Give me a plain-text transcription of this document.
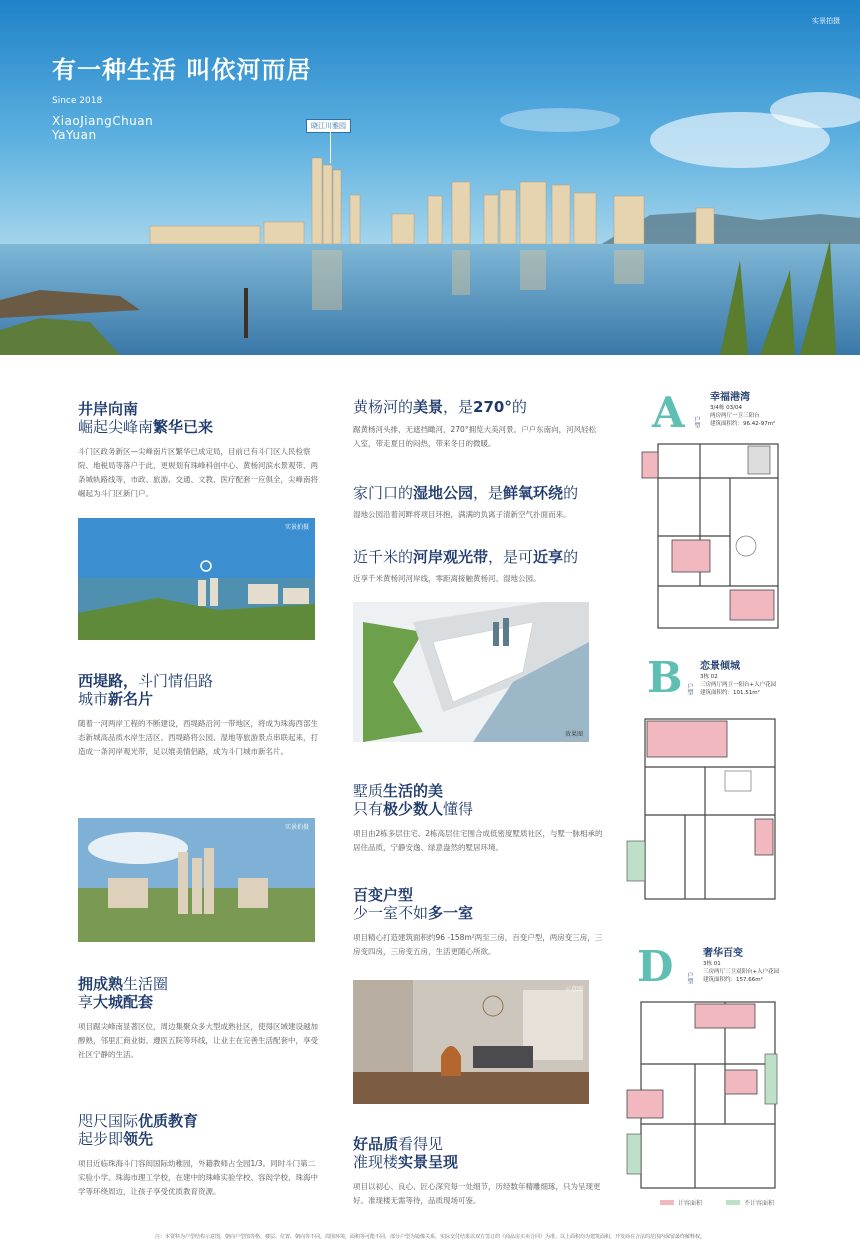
实景拍摄
有一种生活 叫依河而居
Since 2018
XiaoJiangChuan
YaYuan
晓江川雅园
井岸向南
崛起尖峰南繁华已来

斗门区政务新区—尖峰南片区繁华已成定局，目前已有斗门区人民检察院、地税局等落户于此，更规划有珠峰科创中心、黄杨河滨水景观带、两条城轨路线等，市政、旅游、交通、文教、医疗配套一应俱全，尖峰南将崛起为斗门区新门户。

实景拍摄
西堤路，斗门情侣路
城市新名片

随着一河两岸工程的不断建设，西堤路沿河一带地区，将成为珠海西部生态新城高品质水岸生活区。西堤路将公园、湿地等旅游景点串联起来，打造成一条河岸观光带，足以媲美情侣路，成为斗门城市新名片。

实景拍摄
拥成熟生活圈
享大城配套

项目踞尖峰南显著区位，周边集聚众多大型成熟社区，使得区域建设越加醇熟，邻里汇商业街、遵医五院等环线，让业主在完善生活配套中，享受社区宁静的生活。

咫尺国际优质教育
起步即领先

项目近临珠海斗门容闳国际幼稚园，外籍教师占全园1/3。同时斗门第二实验小学、珠海市理工学校，在建中的珠峰实验学校、容闳学校、珠海中学等环绕周边，让孩子享受优质教育资源。

黄杨河的美景，是270°的

踞黄杨河头排，无遮挡瞰河，270°拥览大美河景。户户东南向，河风轻松入室，带走夏日的闷热，带来冬日的微暖。

家门口的湿地公园，是鲜氧环绕的

湿地公园沿着河畔将项目环抱，满满的负离子清新空气扑面而来。

近千米的河岸观光带，是可近享的

近享千米黄杨河河岸线，零距离接触黄杨河、湿地公园。

效果图
墅质生活的美
只有极少数人懂得

项目由2栋多层住宅、2栋高层住宅围合成低密度墅质社区，与墅一脉相承的居住品质，宁静安逸、绿意盎然的墅居环境。

百变户型
少一室不如多一室

项目精心打造建筑面积约96 -158m²两至三房，百变户型，两房变三房，三房变四房，三房变五房，生活更随心所欲。

示意图
好品质看得见
准现楼实景呈现

项目以初心、良心、匠心深究每一处细节，历经数年精雕细琢，只为呈现更好。准现楼无需等待，品质现场可鉴。

A 户型
幸福港湾
3/4栋 03/04
两房两厅一卫三阳台
建筑面积约：96.42-97m²
B 户型
恋景倾城
3栋 02
三房两厅两卫一阳台+入户花园
建筑面积约：101.51m²
D 户型
奢华百变
3栋 01
三房两厅三卫双阳台+入户花园
建筑面积约：157.66m²
计容面积	不计容面积
注：本资料为户型结构示意图，朝向户型图等格、楼层、位置、朝向等不同，周围环境，面积等可能不同，部分户型为镜像关系，实际交付结果以双方签订的《商品房买卖合同》为准。以上面积均为建筑面积，开发商在合法的范围内保留最终解释权。
